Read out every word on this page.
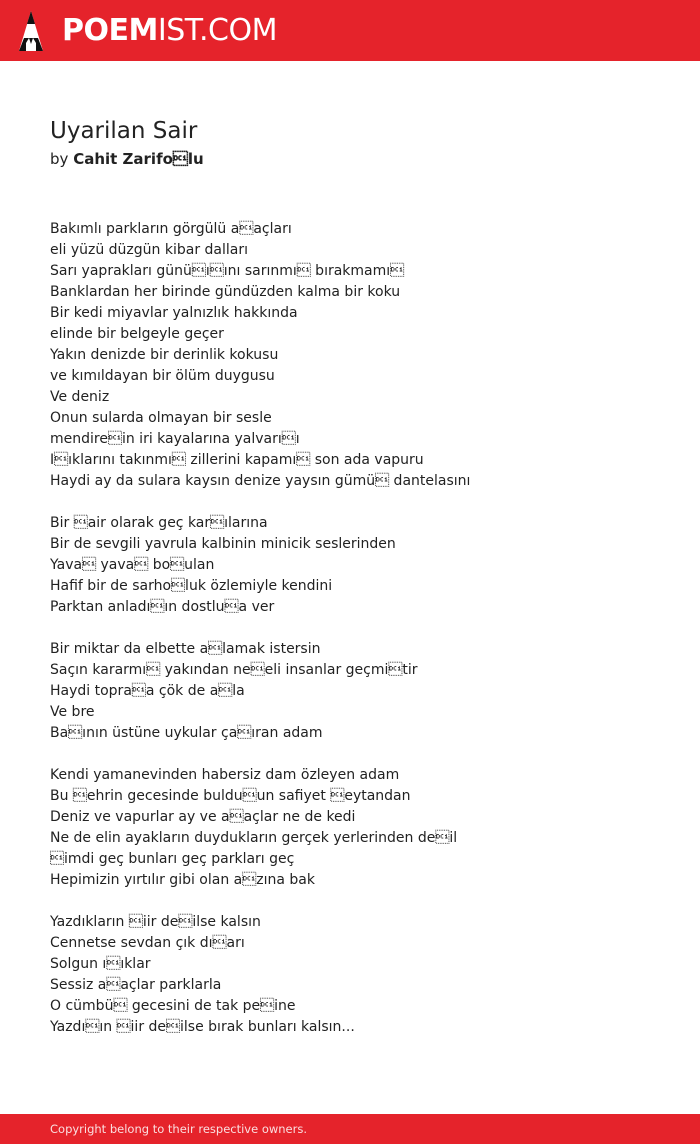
POEMIST.COM
Uyarilan Sair
by Cahit Zarifolu
Bakımlı parkların görgülü aaçları
eli yüzü düzgün kibar dalları
Sarı yaprakları günüıını sarınmı bırakmamı
Banklardan her birinde gündüzden kalma bir koku
Bir kedi miyavlar yalnızlık hakkında
elinde bir belgeyle geçer
Yakın denizde bir derinlik kokusu
ve kımıldayan bir ölüm duygusu
Ve deniz
Onun sularda olmayan bir sesle
mendirein iri kayalarına yalvarıı
Iıklarını takınmı zillerini kapamı son ada vapuru
Haydi ay da sulara kaysın denize yaysın gümü dantelasını
Bir air olarak geç karılarına
Bir de sevgili yavrula kalbinin minicik seslerinden
Yava yava boulan
Hafif bir de sarholuk özlemiyle kendini
Parktan anladıın dostlua ver
Bir miktar da elbette alamak istersin
Saçın kararmı yakından neeli insanlar geçmitir
Haydi topraa çök de ala
Ve bre
Baının üstüne uykular çaıran adam
Kendi yamanevinden habersiz dam özleyen adam
Bu ehrin gecesinde bulduun safiyet eytandan
Deniz ve vapurlar ay ve aaçlar ne de kedi
Ne de elin ayakların duydukların gerçek yerlerinden deil
imdi geç bunları geç parkları geç
Hepimizin yırtılır gibi olan azına bak
Yazdıkların iir deilse kalsın
Cennetse sevdan çık dıarı
Solgun ııklar
Sessiz aaçlar parklarla
O cümbü gecesini de tak peine
Yazdıın iir deilse bırak bunları kalsın...
Copyright belong to their respective owners.
